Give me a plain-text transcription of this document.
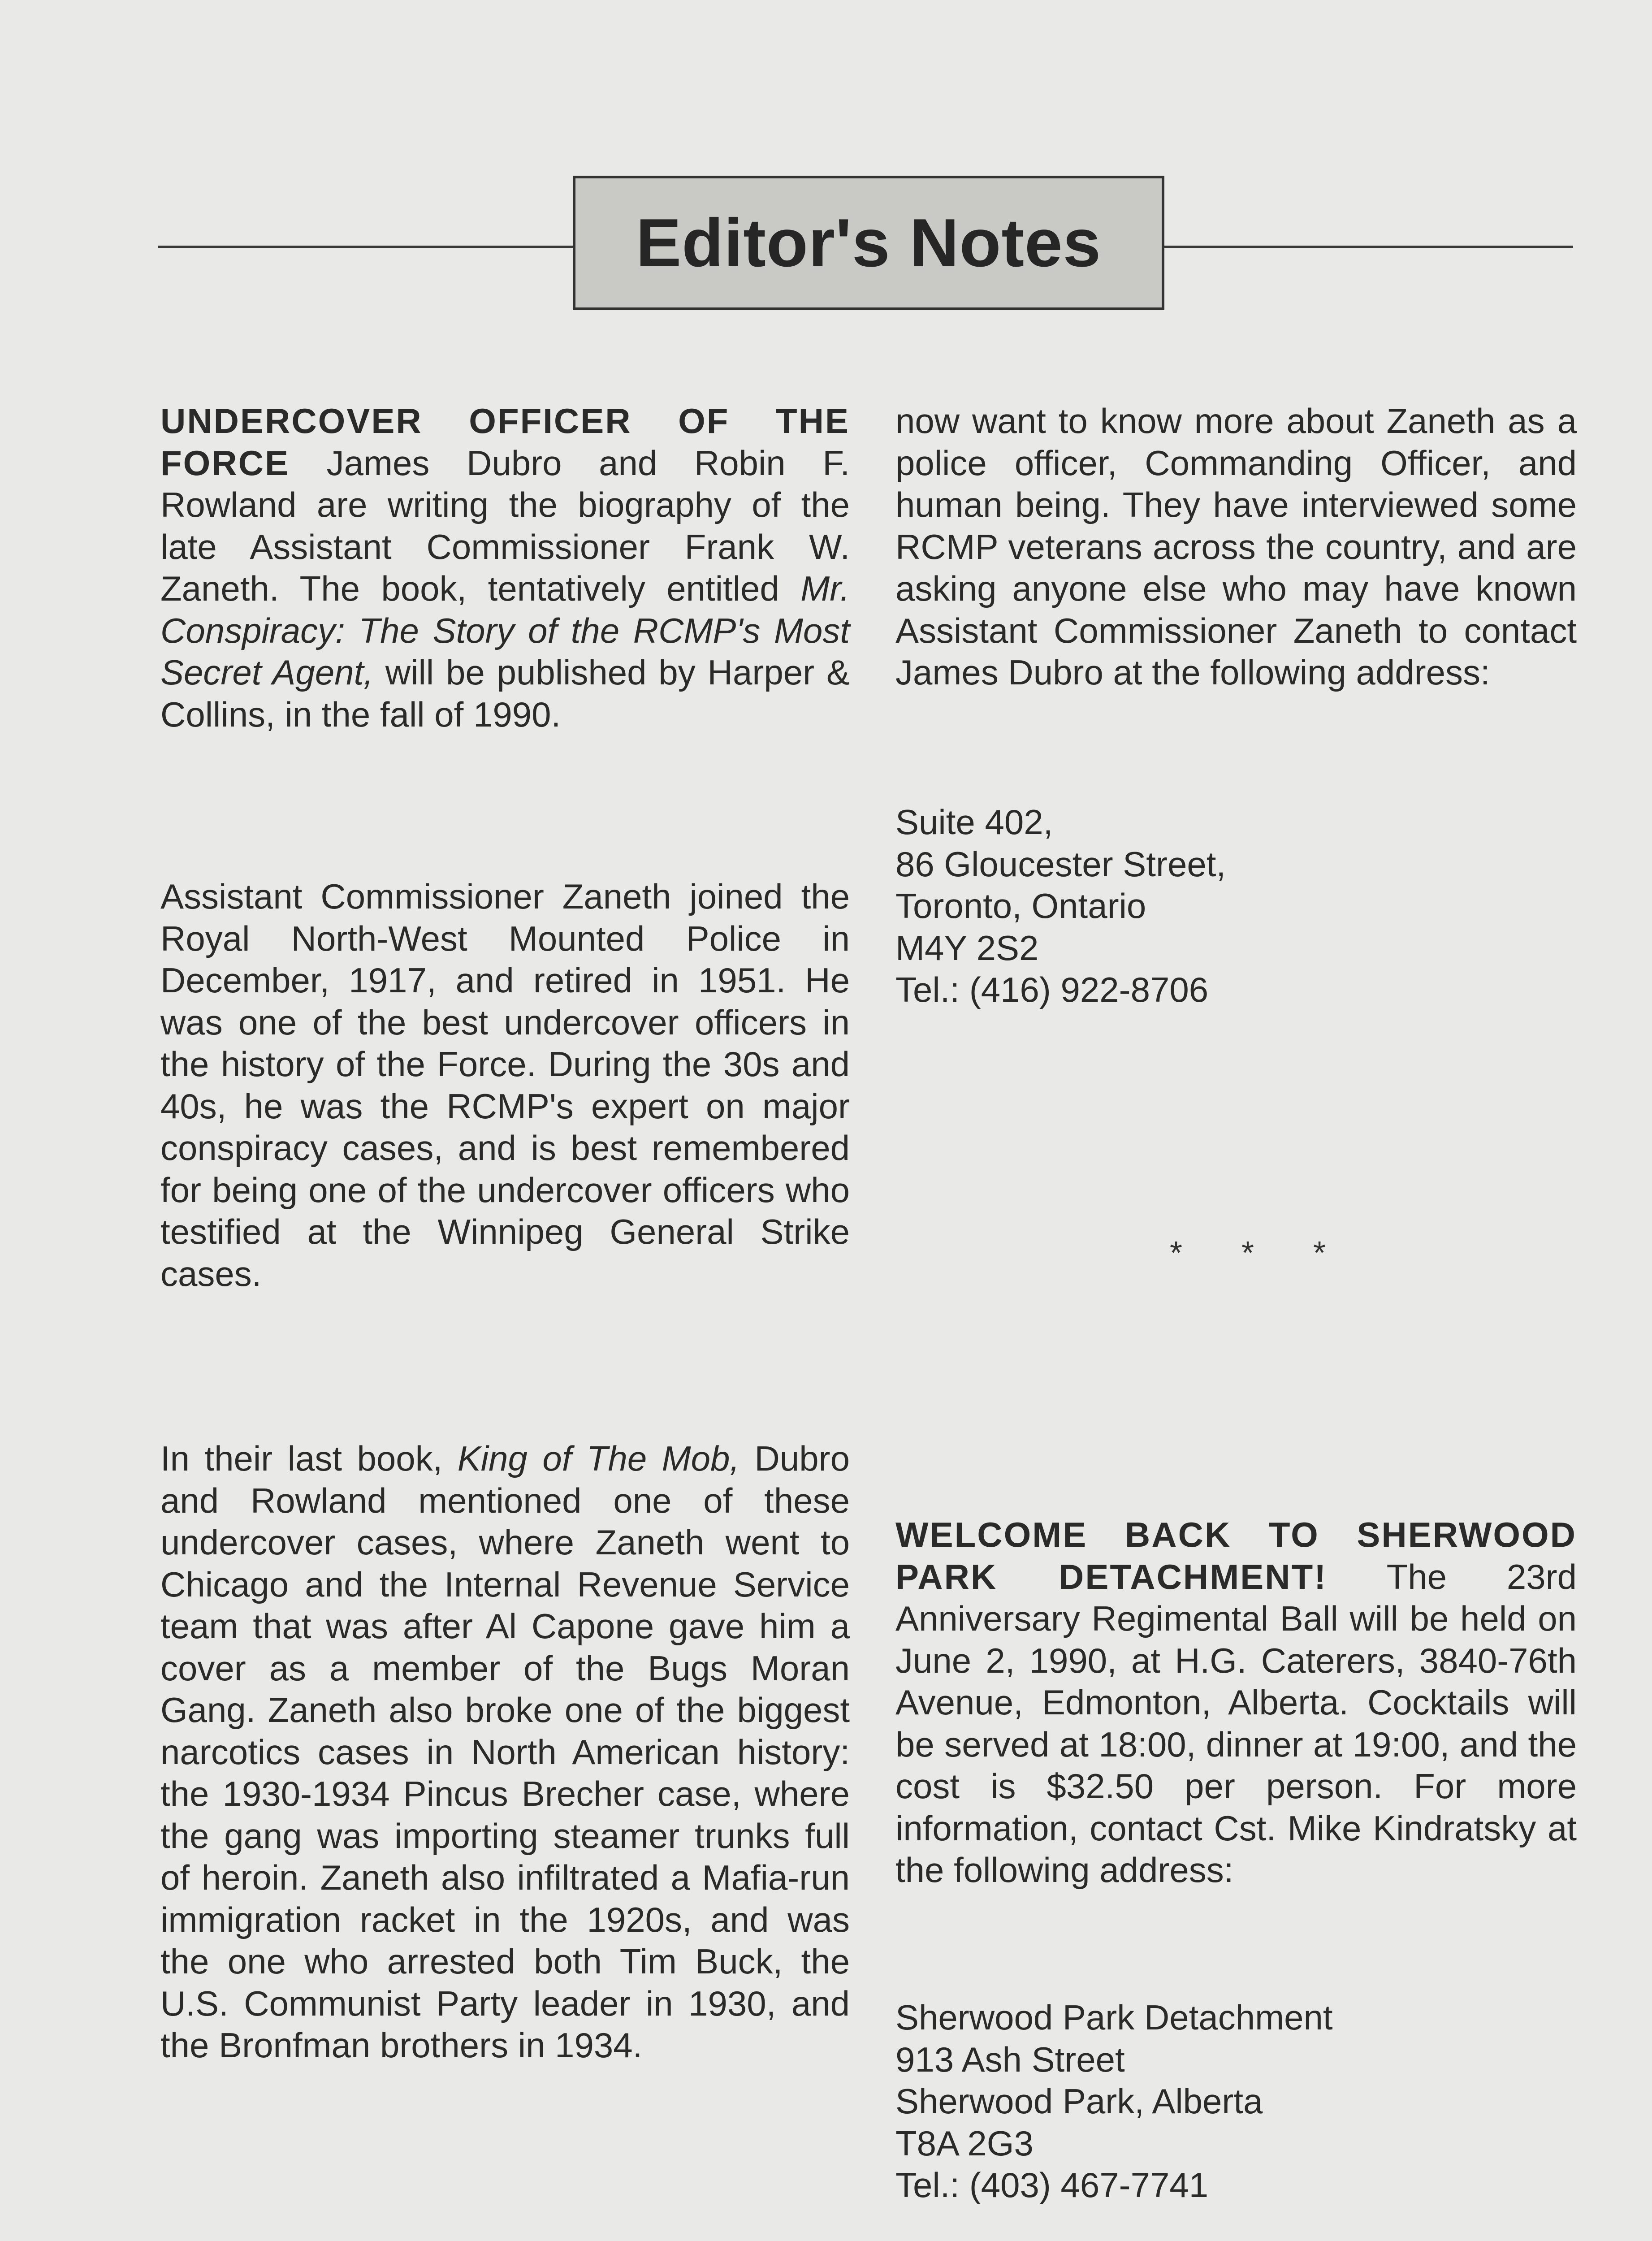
Editor's Notes

UNDERCOVER OFFICER OF THE FORCE James Dubro and Robin F. Rowland are writing the biography of the late Assistant Commissioner Frank W. Zaneth. The book, tentatively entitled Mr. Conspiracy: The Story of the RCMP's Most Secret Agent, will be published by Harper & Collins, in the fall of 1990.

Assistant Commissioner Zaneth joined the Royal North-West Mounted Police in December, 1917, and retired in 1951. He was one of the best undercover officers in the history of the Force. During the 30s and 40s, he was the RCMP's expert on major conspiracy cases, and is best remembered for being one of the undercover officers who testified at the Winnipeg General Strike cases.

In their last book, King of The Mob, Dubro and Rowland mentioned one of these undercover cases, where Zaneth went to Chicago and the Internal Revenue Service team that was after Al Capone gave him a cover as a member of the Bugs Moran Gang. Zaneth also broke one of the biggest narcotics cases in North American history: the 1930-1934 Pincus Brecher case, where the gang was importing steamer trunks full of heroin. Zaneth also infiltrated a Mafia-run immigration racket in the 1920s, and was the one who arrested both Tim Buck, the U.S. Communist Party leader in 1930, and the Bronfman brothers in 1934.

now want to know more about Zaneth as a police officer, Commanding Officer, and human being. They have interviewed some RCMP veterans across the country, and are asking anyone else who may have known Assistant Commissioner Zaneth to contact James Dubro at the following address:

Suite 402,
86 Gloucester Street,
Toronto, Ontario
M4Y 2S2
Tel.: (416) 922-8706
* * *

WELCOME BACK TO SHERWOOD PARK DETACHMENT! The 23rd Anniversary Regimental Ball will be held on June 2, 1990, at H.G. Caterers, 3840-76th Avenue, Edmonton, Alberta. Cocktails will be served at 18:00, dinner at 19:00, and the cost is $32.50 per person. For more information, contact Cst. Mike Kindratsky at the following address:

Sherwood Park Detachment
913 Ash Street
Sherwood Park, Alberta
T8A 2G3
Tel.: (403) 467-7741
